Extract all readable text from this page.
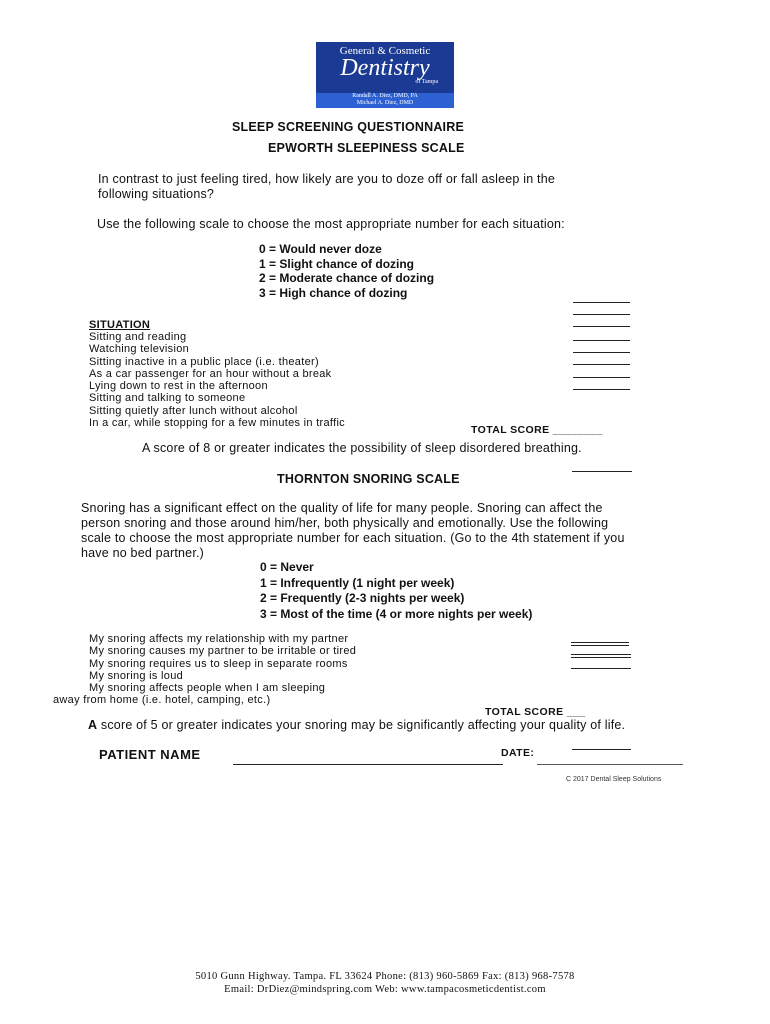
General & Cosmetic
Dentistry
of Tampa
Randall A. Diez, DMD, PA
Michael A. Diez, DMD
SLEEP SCREENING QUESTIONNAIRE
EPWORTH SLEEPINESS SCALE
In contrast to just feeling tired, how likely are you to doze off or fall asleep in the
following situations?
Use the following scale to choose the most appropriate number for each situation:
0 = Would never doze
1 = Slight chance of dozing
2 = Moderate chance of dozing
3 = High chance of dozing
SITUATION
Sitting and reading
Watching television
Sitting inactive in a public place (i.e. theater)
As a car passenger for an hour without a break
Lying down to rest in the afternoon
Sitting and talking to someone
Sitting quietly after lunch without alcohol
In a car, while stopping for a few minutes in traffic
TOTAL SCORE ________
A score of 8 or greater indicates the possibility of sleep disordered breathing.
THORNTON SNORING SCALE
Snoring has a significant effect on the quality of life for many people. Snoring can affect the
person snoring and those around him/her, both physically and emotionally. Use the following
scale to choose the most appropriate number for each situation. (Go to the 4th statement if you
have no bed partner.)
0 = Never
1 = Infrequently (1 night per week)
2 = Frequently (2-3 nights per week)
3 = Most of the time (4 or more nights per week)
My snoring affects my relationship with my partner
My snoring causes my partner to be irritable or tired
My snoring requires us to sleep in separate rooms
My snoring is loud
My snoring affects people when I am sleeping
away from home (i.e. hotel, camping, etc.)
TOTAL SCORE ___
A score of 5 or greater indicates your snoring may be significantly affecting your quality of life.
PATIENT NAME	DATE:
C 2017 Dental Sleep Solutions
5010 Gunn Highway. Tampa. FL 33624 Phone: (813) 960-5869 Fax: (813) 968-7578
Email: DrDiez@mindspring.com Web: www.tampacosmeticdentist.com
